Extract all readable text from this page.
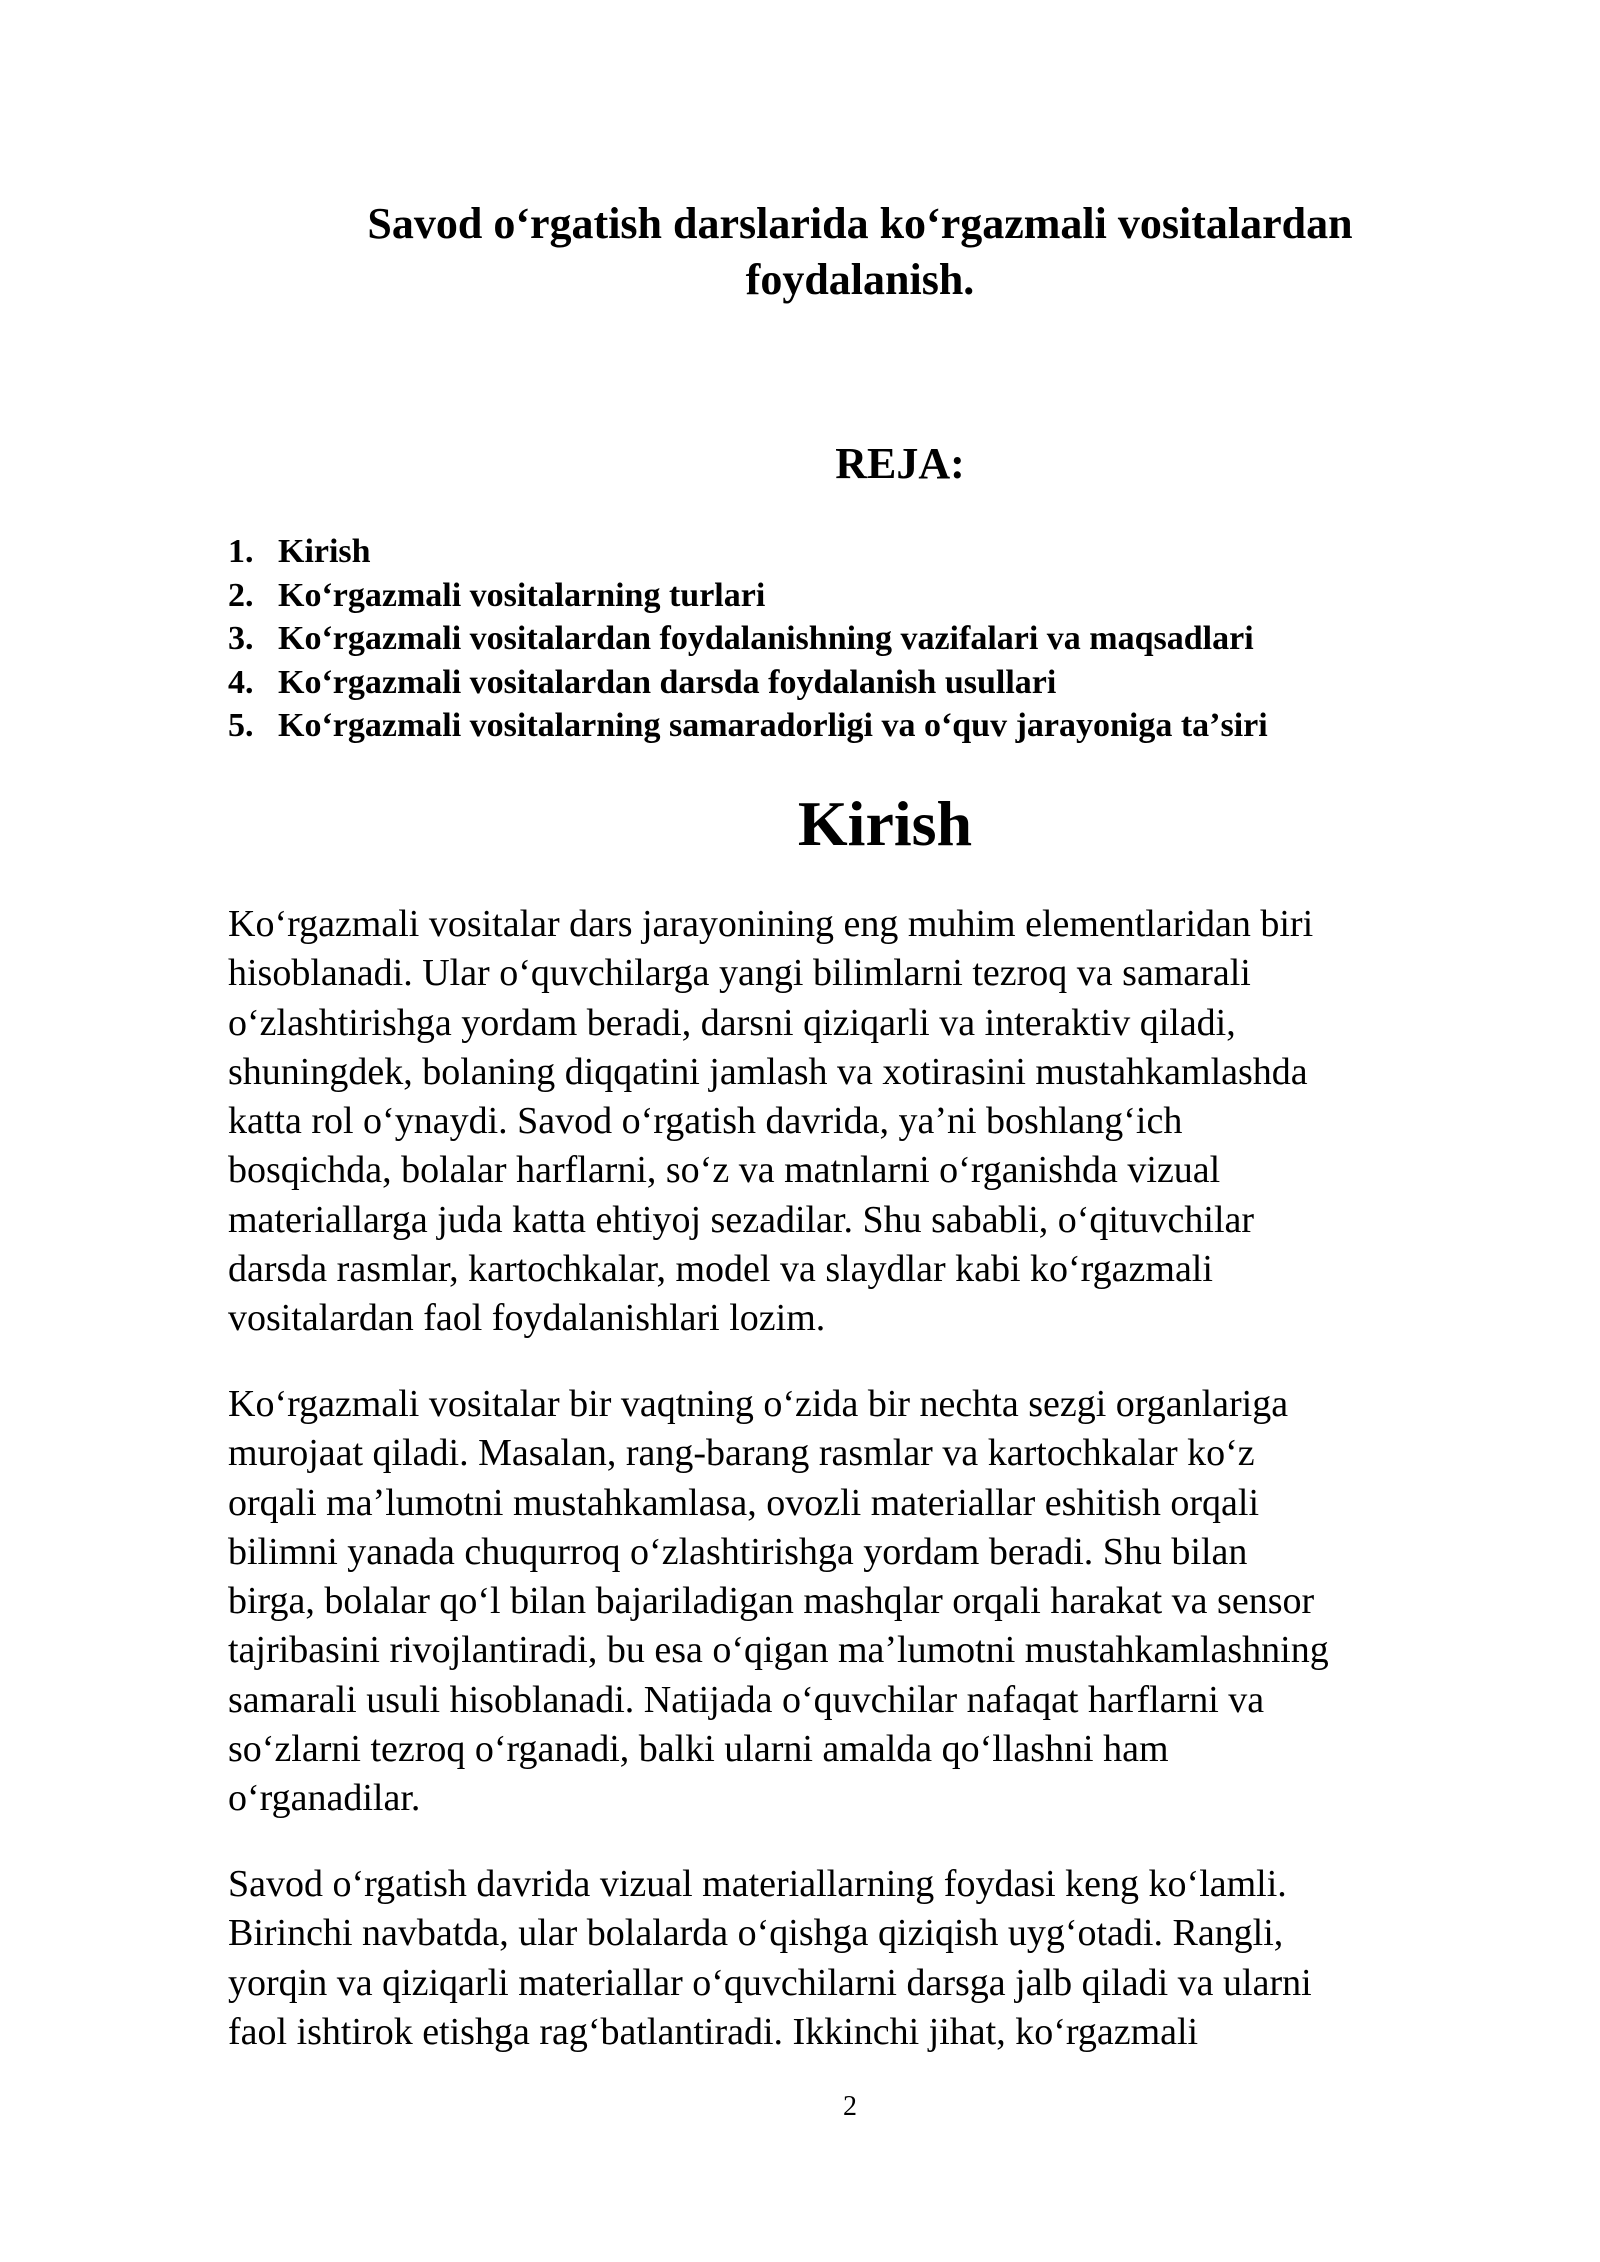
Savod oʻrgatish darslarida koʻrgazmali vositalardan foydalanish.
REJA:
1. Kirish
2. Koʻrgazmali vositalarning turlari
3. Koʻrgazmali vositalardan foydalanishning vazifalari va maqsadlari
4. Koʻrgazmali vositalardan darsda foydalanish usullari
5. Koʻrgazmali vositalarning samaradorligi va oʻquv jarayoniga taʼsiri
Kirish

Koʻrgazmali vositalar dars jarayonining eng muhim elementlaridan biri
hisoblanadi. Ular oʻquvchilarga yangi bilimlarni tezroq va samarali
oʻzlashtirishga yordam beradi, darsni qiziqarli va interaktiv qiladi,
shuningdek, bolaning diqqatini jamlash va xotirasini mustahkamlashda
katta rol oʻynaydi. Savod oʻrgatish davrida, yaʼni boshlangʻich
bosqichda, bolalar harflarni, soʻz va matnlarni oʻrganishda vizual
materiallarga juda katta ehtiyoj sezadilar. Shu sababli, oʻqituvchilar
darsda rasmlar, kartochkalar, model va slaydlar kabi koʻrgazmali
vositalardan faol foydalanishlari lozim.

Koʻrgazmali vositalar bir vaqtning oʻzida bir nechta sezgi organlariga
murojaat qiladi. Masalan, rang-barang rasmlar va kartochkalar koʻz
orqali maʼlumotni mustahkamlasa, ovozli materiallar eshitish orqali
bilimni yanada chuqurroq oʻzlashtirishga yordam beradi. Shu bilan
birga, bolalar qoʻl bilan bajariladigan mashqlar orqali harakat va sensor
tajribasini rivojlantiradi, bu esa oʻqigan maʼlumotni mustahkamlashning
samarali usuli hisoblanadi. Natijada oʻquvchilar nafaqat harflarni va
soʻzlarni tezroq oʻrganadi, balki ularni amalda qoʻllashni ham
oʻrganadilar.

Savod oʻrgatish davrida vizual materiallarning foydasi keng koʻlamli.
Birinchi navbatda, ular bolalarda oʻqishga qiziqish uygʻotadi. Rangli,
yorqin va qiziqarli materiallar oʻquvchilarni darsga jalb qiladi va ularni
faol ishtirok etishga ragʻbatlantiradi. Ikkinchi jihat, koʻrgazmali

2
